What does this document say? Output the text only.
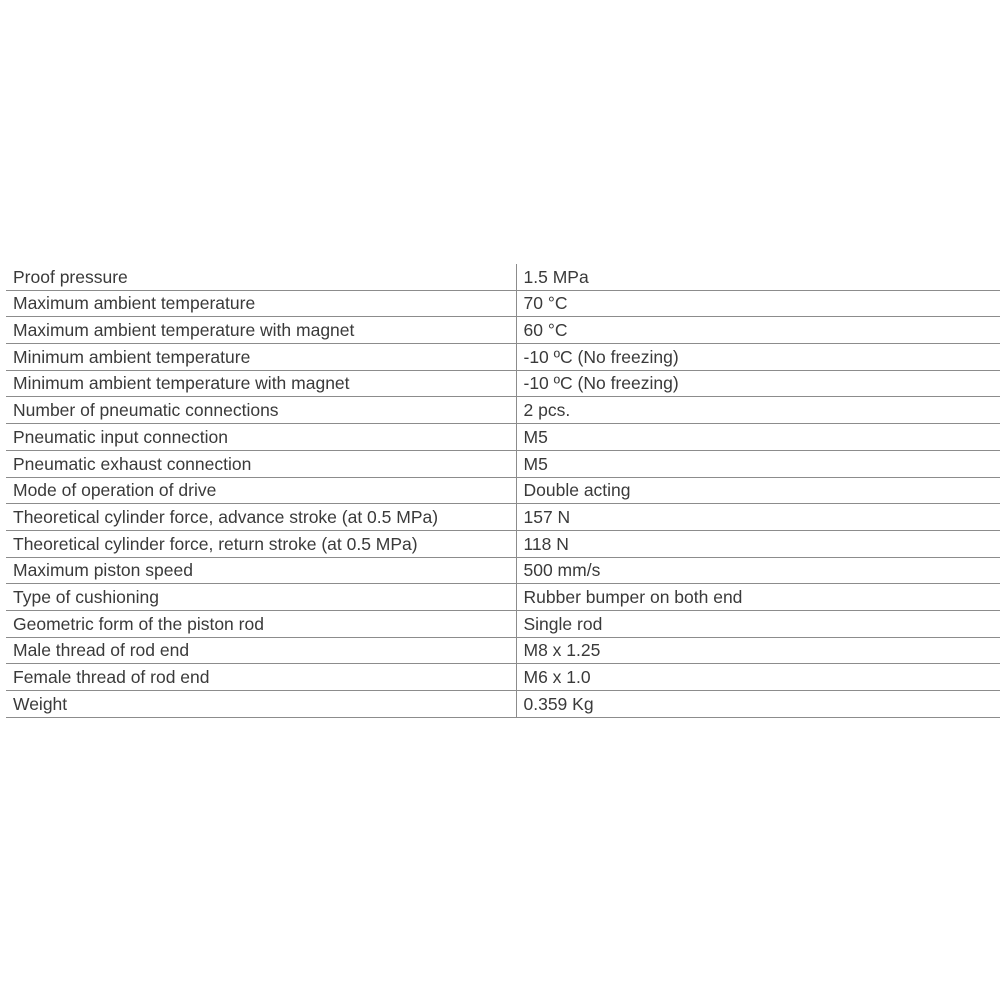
Proof pressure	1.5 MPa
Maximum ambient temperature	70 °C
Maximum ambient temperature with magnet	60 °C
Minimum ambient temperature	-10 ºC (No freezing)
Minimum ambient temperature with magnet	-10 ºC (No freezing)
Number of pneumatic connections	2 pcs.
Pneumatic input connection	M5
Pneumatic exhaust connection	M5
Mode of operation of drive	Double acting
Theoretical cylinder force, advance stroke (at 0.5 MPa)	157 N
Theoretical cylinder force, return stroke (at 0.5 MPa)	118 N
Maximum piston speed	500 mm/s
Type of cushioning	Rubber bumper on both end
Geometric form of the piston rod	Single rod
Male thread of rod end	M8 x 1.25
Female thread of rod end	M6 x 1.0
Weight	0.359 Kg
